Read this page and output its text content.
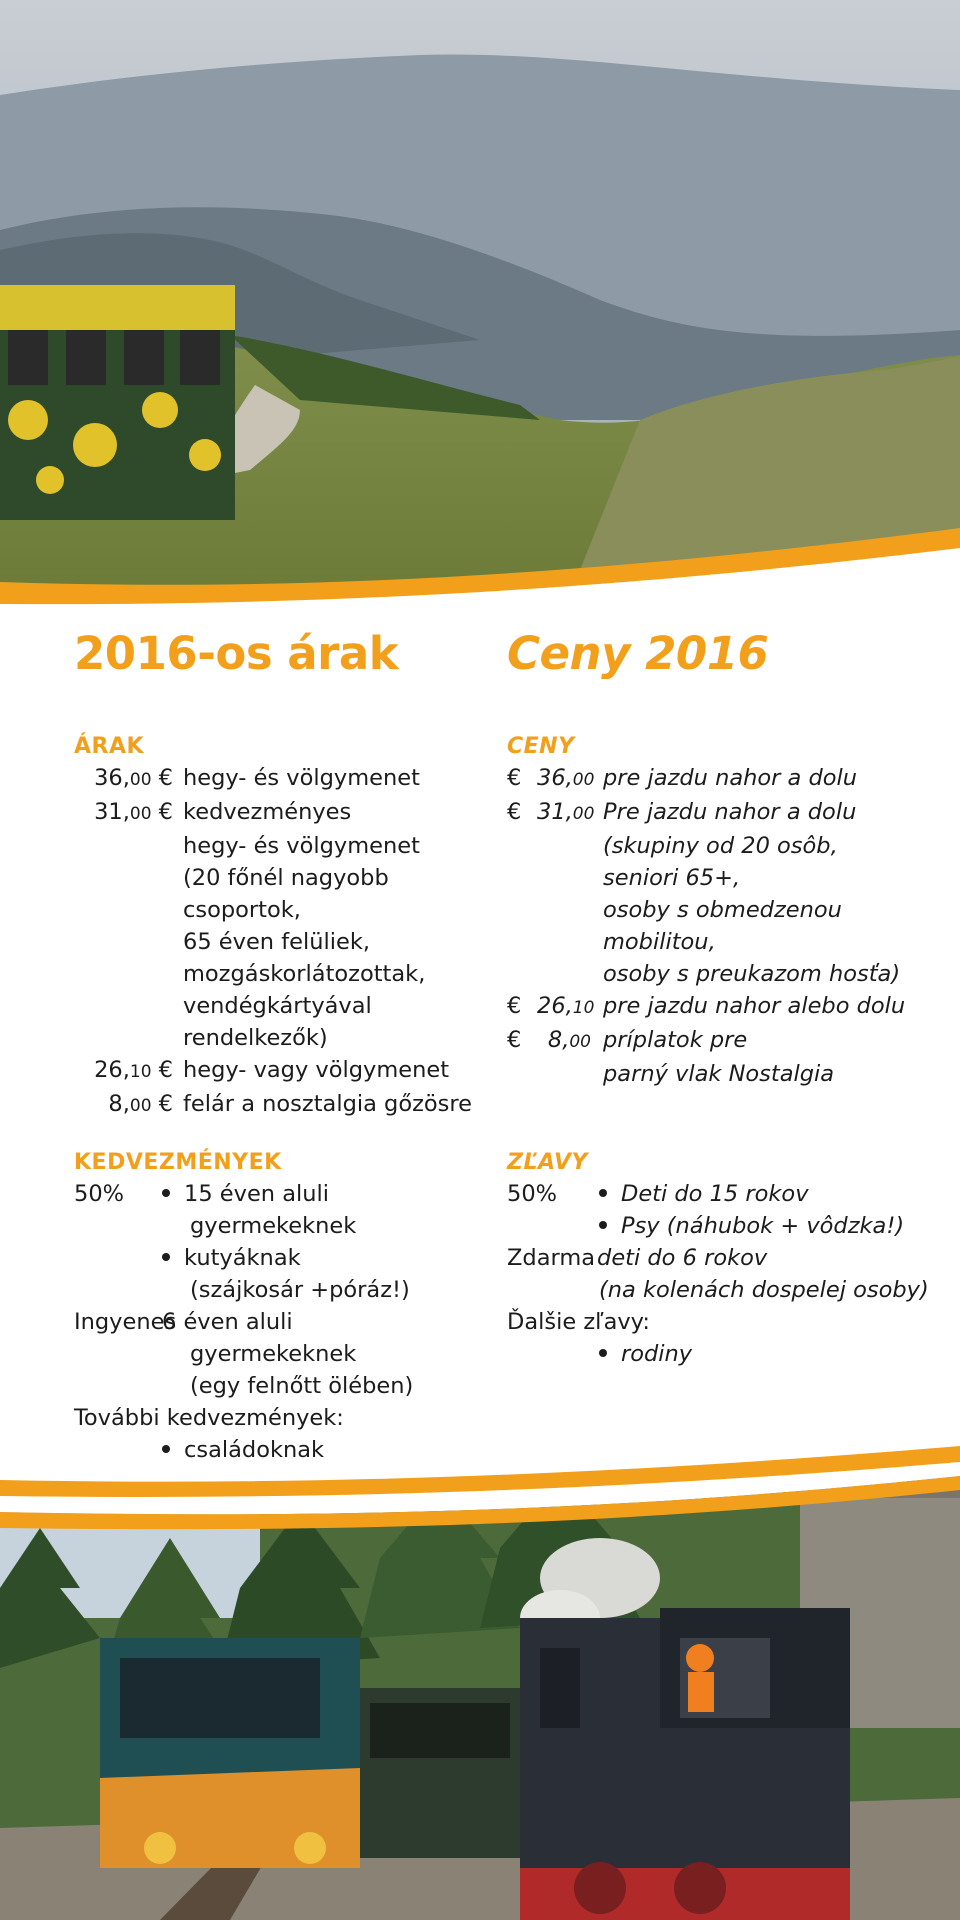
2016-os árak
ÁRAK
36,00 € hegy- és völgymenet
31,00 € kedvezményes
hegy- és völgymenet
(20 főnél nagyobb
csoportok,
65 éven felüliek,
mozgáskorlátozottak,
vendégkártyával
rendelkezők)
26,10 € hegy- vagy völgymenet
8,00 € felár a nosztalgia gőzösre
KEDVEZMÉNYEK
50%	15 éven aluli
gyermekeknek
kutyáknak
(szájkosár +póráz!)
Ingyenes
6 éven aluli
gyermekeknek
(egy felnőtt ölében)
További kedvezmények:
családoknak
Ceny 2016
CENY
€ 36,00 pre jazdu nahor a dolu
€ 31,00 Pre jazdu nahor a dolu
(skupiny od 20 osôb,
seniori 65+,
osoby s obmedzenou
mobilitou,
osoby s preukazom hosťa)
€ 26,10 pre jazdu nahor alebo dolu
€	8,00 príplatok pre
parný vlak Nostalgia
ZĽAVY
50%	Deti do 15 rokov
Psy (náhubok + vôdzka!)
Zdarma deti do 6 rokov
(na kolenách dospelej osoby)
Ďalšie zľavy:
rodiny
